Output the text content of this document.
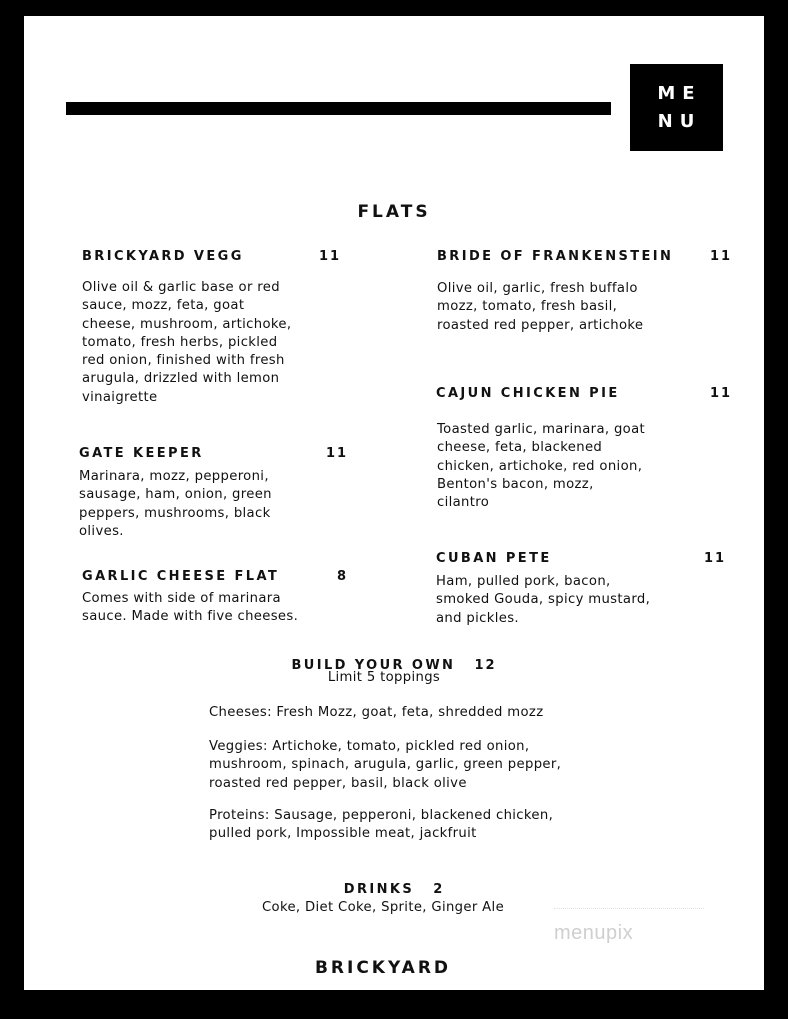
ME
NU
FLATS
BRICKYARD VEGG	11
Olive oil & garlic base or red
sauce, mozz, feta, goat
cheese, mushroom, artichoke,
tomato, fresh herbs, pickled
red onion, finished with fresh
arugula, drizzled with lemon
vinaigrette
GATE KEEPER	11
Marinara, mozz, pepperoni,
sausage, ham, onion, green
peppers, mushrooms, black
olives.
GARLIC CHEESE FLAT	8
Comes with side of marinara
sauce. Made with five cheeses.
BRIDE OF FRANKENSTEIN	11
Olive oil, garlic, fresh buffalo
mozz, tomato, fresh basil,
roasted red pepper, artichoke
CAJUN CHICKEN PIE	11
Toasted garlic, marinara, goat
cheese, feta, blackened
chicken, artichoke, red onion,
Benton's bacon, mozz,
cilantro
CUBAN PETE	11
Ham, pulled pork, bacon,
smoked Gouda, spicy mustard,
and pickles.
BUILD YOUR OWN 12
Limit 5 toppings
Cheeses: Fresh Mozz, goat, feta, shredded mozz
Veggies: Artichoke, tomato, pickled red onion,
mushroom, spinach, arugula, garlic, green pepper,
roasted red pepper, basil, black olive
Proteins: Sausage, pepperoni, blackened chicken,
pulled pork, Impossible meat, jackfruit
DRINKS 2
Coke, Diet Coke, Sprite, Ginger Ale
BRICKYARD
menupix
